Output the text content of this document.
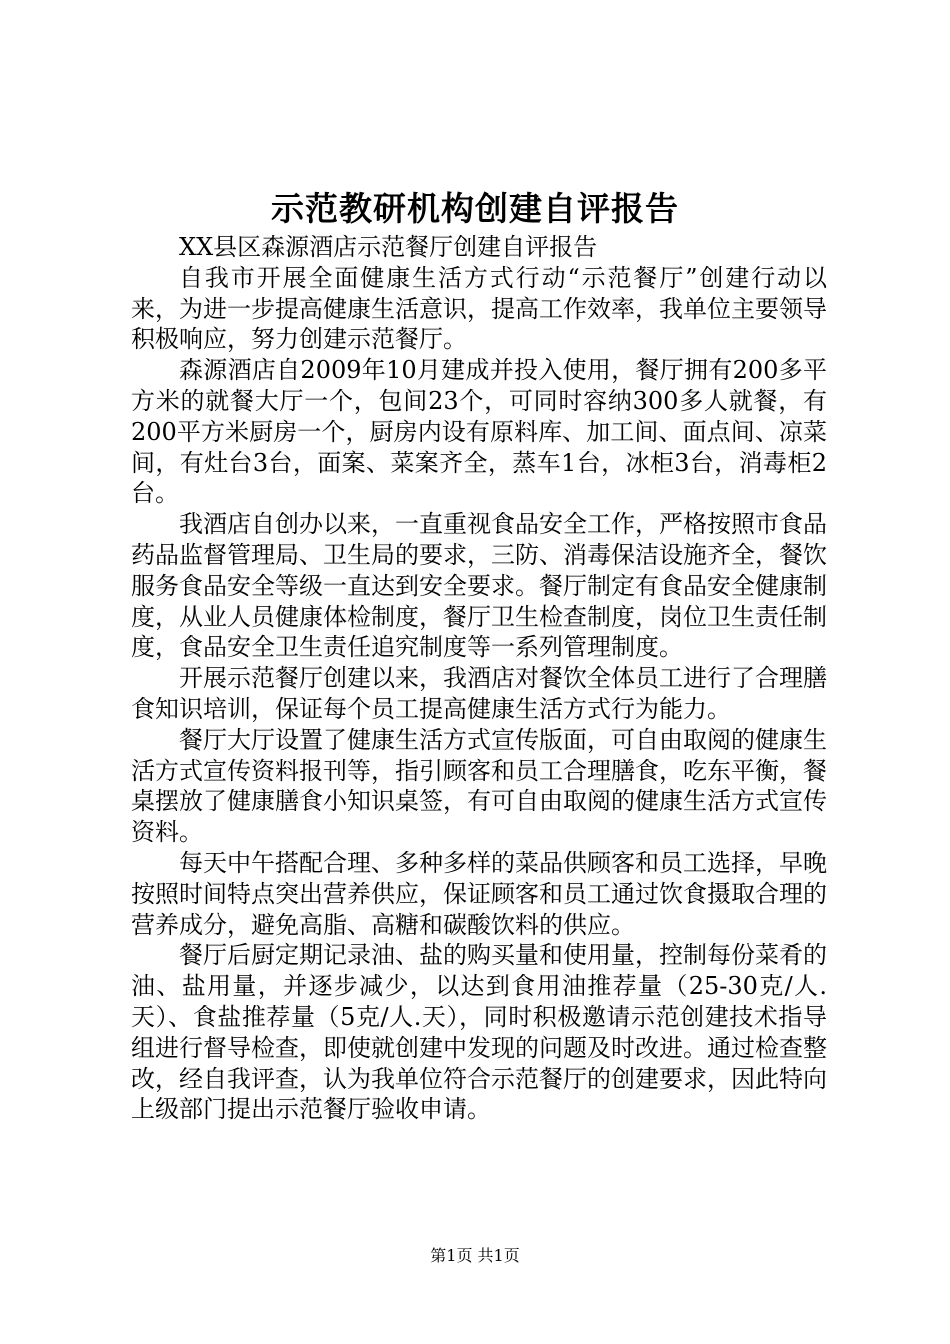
示范教研机构创建自评报告

XX县区森源酒店示范餐厅创建自评报告

自我市开展全面健康生活方式行动“示范餐厅”创建行动以来，为进一步提高健康生活意识，提高工作效率，我单位主要领导积极响应，努力创建示范餐厅。

森源酒店自2009年10月建成并投入使用，餐厅拥有200多平方米的就餐大厅一个，包间23个，可同时容纳300多人就餐，有200平方米厨房一个，厨房内设有原料库、加工间、面点间、凉菜间，有灶台3台，面案、菜案齐全，蒸车1台，冰柜3台，消毒柜2台。

我酒店自创办以来，一直重视食品安全工作，严格按照市食品药品监督管理局、卫生局的要求，三防、消毒保洁设施齐全，餐饮服务食品安全等级一直达到安全要求。餐厅制定有食品安全健康制度，从业人员健康体检制度，餐厅卫生检查制度，岗位卫生责任制度，食品安全卫生责任追究制度等一系列管理制度。

开展示范餐厅创建以来，我酒店对餐饮全体员工进行了合理膳食知识培训，保证每个员工提高健康生活方式行为能力。

餐厅大厅设置了健康生活方式宣传版面，可自由取阅的健康生活方式宣传资料报刊等，指引顾客和员工合理膳食，吃东平衡，餐桌摆放了健康膳食小知识桌签，有可自由取阅的健康生活方式宣传资料。

每天中午搭配合理、多种多样的菜品供顾客和员工选择，早晚按照时间特点突出营养供应，保证顾客和员工通过饮食摄取合理的营养成分，避免高脂、高糖和碳酸饮料的供应。

餐厅后厨定期记录油、盐的购买量和使用量，控制每份菜肴的油、盐用量，并逐步减少，以达到食用油推荐量（25-30克/人.天）、食盐推荐量（5克/人.天），同时积极邀请示范创建技术指导组进行督导检查，即使就创建中发现的问题及时改进。通过检查整改，经自我评查，认为我单位符合示范餐厅的创建要求，因此特向上级部门提出示范餐厅验收申请。

第1页 共1页
